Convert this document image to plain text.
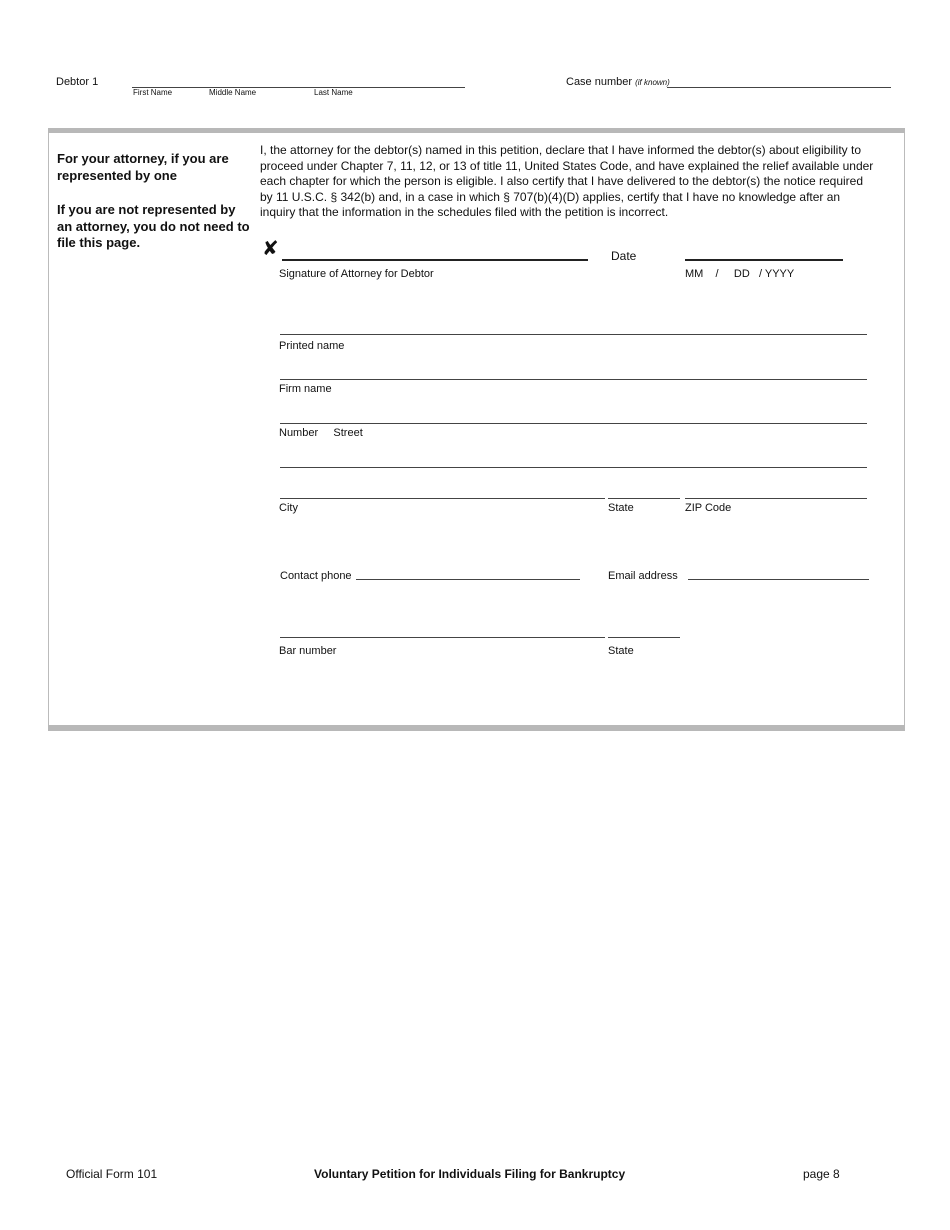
Debtor 1
First Name	Middle Name	Last Name
Case number (if known)
For your attorney, if you are represented by one
If you are not represented by an attorney, you do not need to file this page.
I, the attorney for the debtor(s) named in this petition, declare that I have informed the debtor(s) about eligibility to proceed under Chapter 7, 11, 12, or 13 of title 11, United States Code, and have explained the relief available under each chapter for which the person is eligible. I also certify that I have delivered to the debtor(s) the notice required by 11 U.S.C. § 342(b) and, in a case in which § 707(b)(4)(D) applies, certify that I have no knowledge after an inquiry that the information in the schedules filed with the petition is incorrect.
✘
Signature of Attorney for Debtor
Date
MM    /     DD   / YYYY
Printed name
Firm name
Number     Street
City	State	ZIP Code
Contact phone	Email address
Bar number	State
Official Form 101	Voluntary Petition for Individuals Filing for Bankruptcy	page 8
